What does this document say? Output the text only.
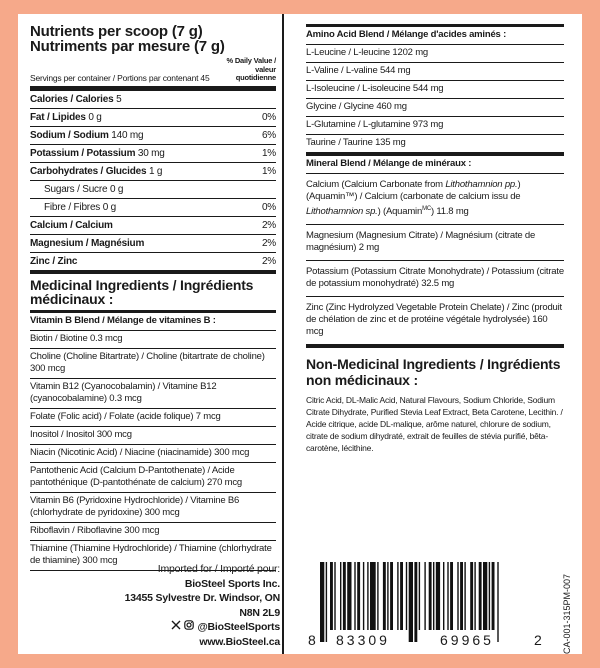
Nutrients per scoop (7 g)
Nutriments par mesure (7 g)
Servings per container / Portions par contenant 45
% Daily Value / valeur quotidienne
Calories / Calories 5
Fat / Lipides 0 g	0%
Sodium / Sodium 140 mg	6%
Potassium / Potassium 30 mg	1%
Carbohydrates / Glucides 1 g	1%
Sugars / Sucre 0 g
Fibre / Fibres 0 g	0%
Calcium / Calcium	2%
Magnesium / Magnésium	2%
Zinc / Zinc	2%
Medicinal Ingredients / Ingrédients médicinaux :
Vitamin B Blend / Mélange de vitamines B :
Biotin / Biotine 0.3 mcg
Choline (Choline Bitartrate) / Choline (bitartrate de choline) 300 mcg
Vitamin B12 (Cyanocobalamin) / Vitamine B12 (cyanocobalamine) 0.3 mcg
Folate (Folic acid) / Folate (acide folique) 7 mcg
Inositol / Inositol 300 mcg
Niacin (Nicotinic Acid) / Niacine (niacinamide) 300 mcg
Pantothenic Acid (Calcium D-Pantothenate) / Acide pantothénique (D-pantothénate de calcium) 270 mcg
Vitamin B6 (Pyridoxine Hydrochloride) / Vitamine B6 (chlorhydrate de pyridoxine) 300 mcg
Riboflavin / Riboflavine 300 mcg
Thiamine (Thiamine Hydrochloride) / Thiamine (chlorhydrate de thiamine) 300 mcg
Imported for / Importé pour:
BioSteel Sports Inc.
13455 Sylvestre Dr. Windsor, ON N8N 2L9
@BioSteelSports
www.BioSteel.ca
Amino Acid Blend / Mélange d'acides aminés :
L-Leucine / L-leucine 1202 mg
L-Valine / L-valine 544 mg
L-Isoleucine / L-isoleucine 544 mg
Glycine / Glycine 460 mg
L-Glutamine / L-glutamine 973 mg
Taurine / Taurine 135 mg
Mineral Blend / Mélange de minéraux :
Calcium (Calcium Carbonate from Lithothamnion pp.) (Aquamin™) / Calcium (carbonate de calcium issu de Lithothamnion sp.) (Aquamin$^{MC}$) 11.8 mg
Magnesium (Magnesium Citrate) / Magnésium (citrate de magnésium) 2 mg
Potassium (Potassium Citrate Monohydrate) / Potassium (citrate de potassium monohydraté) 32.5 mg
Zinc (Zinc Hydrolyzed Vegetable Protein Chelate) / Zinc (produit de chélation de zinc et de protéine végétale hydrolysée) 160 mcg
Non-Medicinal Ingredients / Ingrédients non médicinaux :
Citric Acid, DL-Malic Acid, Natural Flavours, Sodium Chloride, Sodium Citrate Dihydrate, Purified Stevia Leaf Extract, Beta Carotene, Lecithin. / Acide citrique, acide DL-malique, arôme naturel, chlorure de sodium, citrate de sodium dihydraté, extrait de feuilles de stévia purifié, bêta-carotène, lécithine.
8 83309	69965	2 CA-001-315PM-007
